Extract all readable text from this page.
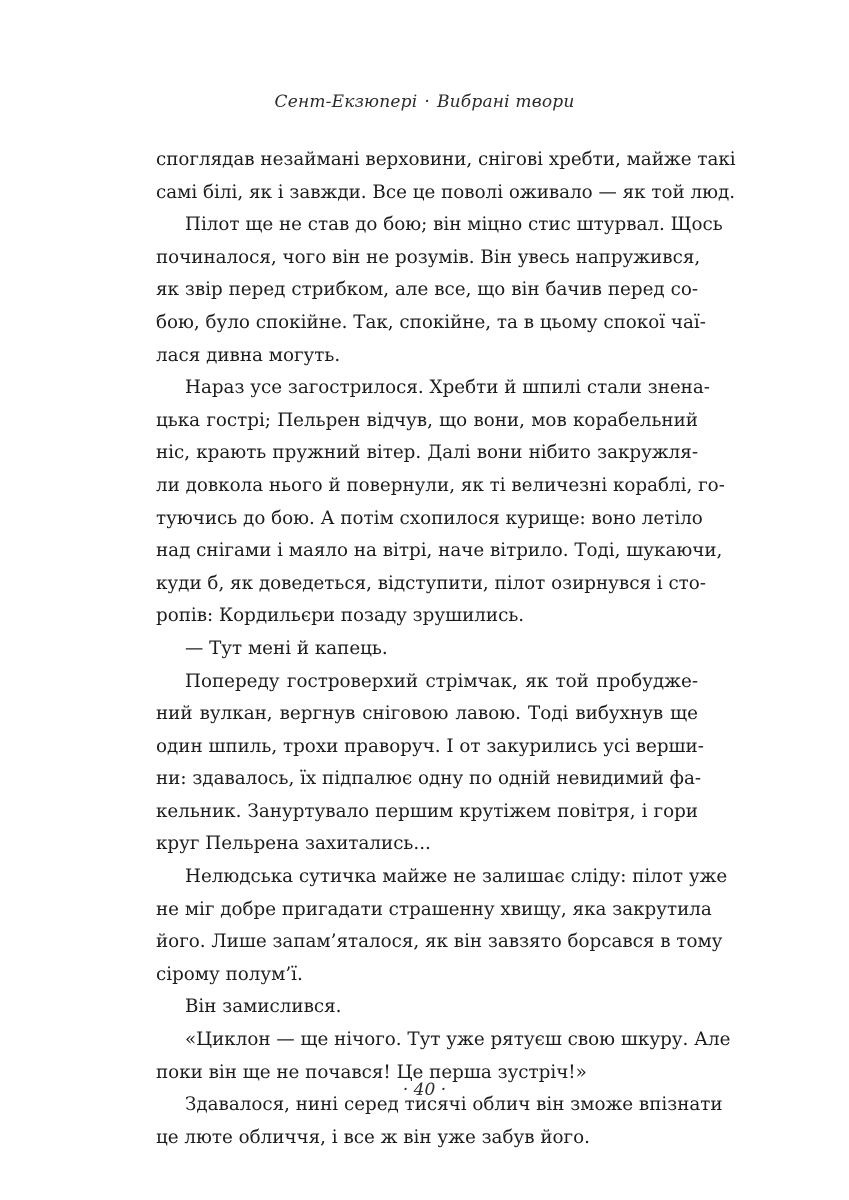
Сент-Екзюпері · Вибрані твори
споглядав незаймані верховини, снігові хребти, майже такі
самі білі, як і завжди. Все це поволі оживало — як той люд.
Пілот ще не став до бою; він міцно стис штурвал. Щось
починалося, чого він не розумів. Він увесь напружився,
як звір перед стрибком, але все, що він бачив перед со-
бою, було спокійне. Так, спокійне, та в цьому спокої чаї-
лася дивна могуть.
Нараз усе загострилося. Хребти й шпилі стали знена-
цька гострі; Пельрен відчув, що вони, мов корабельний
ніс, крають пружний вітер. Далі вони нібито закружля-
ли довкола нього й повернули, як ті величезні кораблі, го-
туючись до бою. А потім схопилося курище: воно летіло
над снігами і маяло на вітрі, наче вітрило. Тоді, шукаючи,
куди б, як доведеться, відступити, пілот озирнувся і сто-
ропів: Кордильєри позаду зрушились.
— Тут мені й капець.
Попереду гостроверхий стрімчак, як той пробудже-
ний вулкан, вергнув сніговою лавою. Тоді вибухнув ще
один шпиль, трохи праворуч. І от закурились усі верши-
ни: здавалось, їх підпалює одну по одній невидимий фа-
кельник. Зануртувало першим крутіжем повітря, і гори
круг Пельрена захитались...
Нелюдська сутичка майже не залишає сліду: пілот уже
не міг добре пригадати страшенну хвищу, яка закрутила
його. Лише запам’яталося, як він завзято борсався в тому
сірому полум’ї.
Він замислився.
«Циклон — ще нічого. Тут уже рятуєш свою шкуру. Але
поки він ще не почався! Це перша зустріч!»
Здавалося, нині серед тисячі облич він зможе впізнати
це люте обличчя, і все ж він уже забув його.
· 40 ·
